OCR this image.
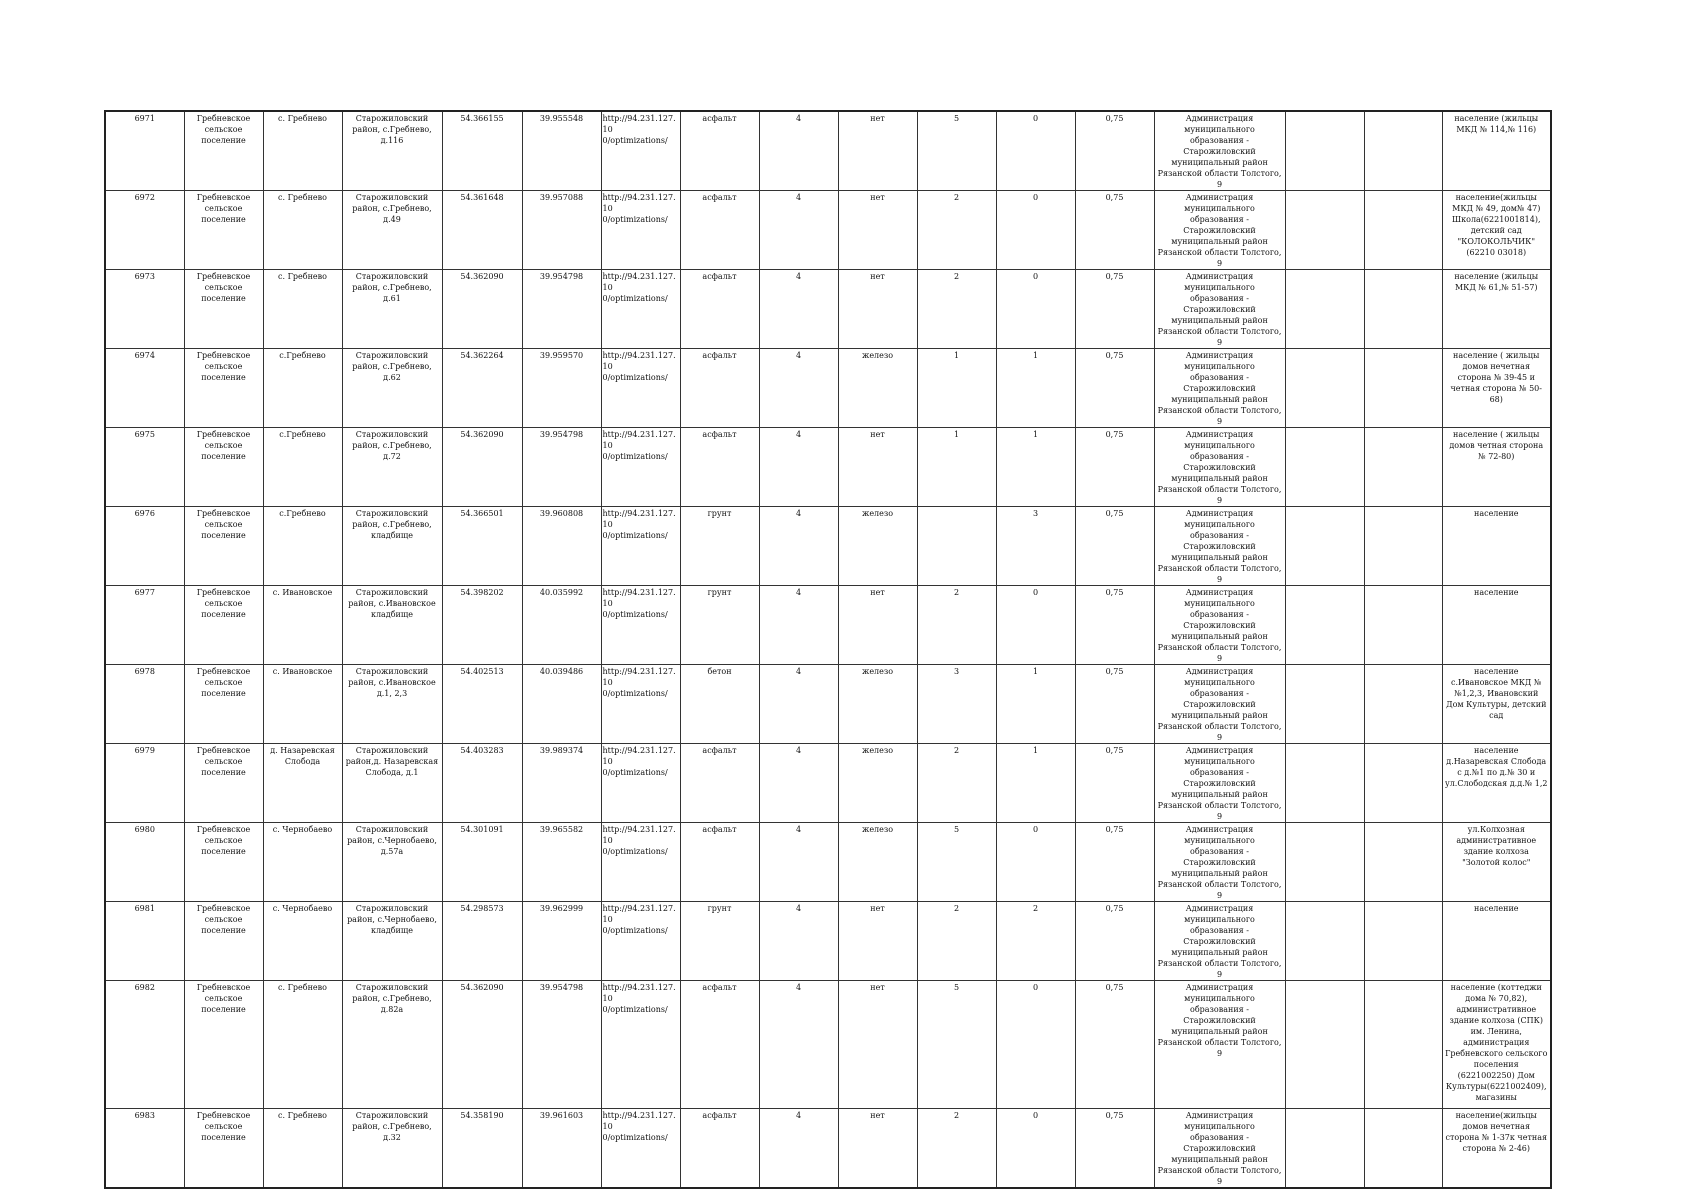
6971	Гребневское сельское поселение	с. Гребнево	Старожиловский район, с.Гребнево, д.116	54.366155	39.955548	http://94.231.127.10 0/optimizations/	асфальт	4	нет	5	0	0,75	Администрация муниципального образования - Старожиловский муниципальный район Рязанской области Толстого, 9			население (жильцы МКД № 114,№ 116)
6972	Гребневское сельское поселение	с. Гребнево	Старожиловский район, с.Гребнево, д.49	54.361648	39.957088	http://94.231.127.10 0/optimizations/	асфальт	4	нет	2	0	0,75	Администрация муниципального образования - Старожиловский муниципальный район Рязанской области Толстого, 9			население(жильцы МКД № 49, дом№ 47) Школа(6221001814), детский сад "КОЛОКОЛЬЧИК"(62210 03018)
6973	Гребневское сельское поселение	с. Гребнево	Старожиловский район, с.Гребнево, д.61	54.362090	39.954798	http://94.231.127.10 0/optimizations/	асфальт	4	нет	2	0	0,75	Администрация муниципального образования - Старожиловский муниципальный район Рязанской области Толстого, 9			население (жильцы МКД № 61,№ 51-57)
6974	Гребневское сельское поселение	с.Гребнево	Старожиловский район, с.Гребнево, д.62	54.362264	39.959570	http://94.231.127.10 0/optimizations/	асфальт	4	железо	1	1	0,75	Администрация муниципального образования - Старожиловский муниципальный район Рязанской области Толстого, 9			население ( жильцы домов нечетная сторона № 39-45 и четная сторона № 50-68)
6975	Гребневское сельское поселение	с.Гребнево	Старожиловский район, с.Гребнево, д.72	54.362090	39.954798	http://94.231.127.10 0/optimizations/	асфальт	4	нет	1	1	0,75	Администрация муниципального образования - Старожиловский муниципальный район Рязанской области Толстого, 9			население ( жильцы домов четная сторона № 72-80)
6976	Гребневское сельское поселение	с.Гребнево	Старожиловский район, с.Гребнево, кладбище	54.366501	39.960808	http://94.231.127.10 0/optimizations/	грунт	4	железо		3	0,75	Администрация муниципального образования - Старожиловский муниципальный район Рязанской области Толстого, 9			население
6977	Гребневское сельское поселение	с. Ивановское	Старожиловский район, с.Ивановское кладбище	54.398202	40.035992	http://94.231.127.10 0/optimizations/	грунт	4	нет	2	0	0,75	Администрация муниципального образования - Старожиловский муниципальный район Рязанской области Толстого, 9			население
6978	Гребневское сельское поселение	с. Ивановское	Старожиловский район, с.Ивановское д.1, 2,3	54.402513	40.039486	http://94.231.127.10 0/optimizations/	бетон	4	железо	3	1	0,75	Администрация муниципального образования - Старожиловский муниципальный район Рязанской области Толстого, 9			население с.Ивановское МКД №№1,2,3, Ивановский Дом Культуры, детский сад
6979	Гребневское сельское поселение	д. Назаревская Слобода	Старожиловский район,д. Назаревская Слобода, д.1	54.403283	39.989374	http://94.231.127.10 0/optimizations/	асфальт	4	железо	2	1	0,75	Администрация муниципального образования - Старожиловский муниципальный район Рязанской области Толстого, 9			население д.Назаревская Слобода с д.№1 по д.№ 30 и ул.Слободская д.д.№ 1,2
6980	Гребневское сельское поселение	с. Чернобаево	Старожиловский район, с.Чернобаево, д.57а	54.301091	39.965582	http://94.231.127.10 0/optimizations/	асфальт	4	железо	5	0	0,75	Администрация муниципального образования - Старожиловский муниципальный район Рязанской области Толстого, 9			ул.Колхозная административное здание колхоза "Золотой колос"
6981	Гребневское сельское поселение	с. Чернобаево	Старожиловский район, с.Чернобаево, кладбище	54.298573	39.962999	http://94.231.127.10 0/optimizations/	грунт	4	нет	2	2	0,75	Администрация муниципального образования - Старожиловский муниципальный район Рязанской области Толстого, 9			население
6982	Гребневское сельское поселение	с. Гребнево	Старожиловский район, с.Гребнево, д.82а	54.362090	39.954798	http://94.231.127.10 0/optimizations/	асфальт	4	нет	5	0	0,75	Администрация муниципального образования - Старожиловский муниципальный район Рязанской области Толстого, 9			население (коттеджи дома № 70,82), административное здание колхоза (СПК) им. Ленина, администрация Гребневского сельского поселения (6221002250) Дом Культуры(6221002409), магазины
6983	Гребневское сельское поселение	с. Гребнево	Старожиловский район, с.Гребнево, д.32	54.358190	39.961603	http://94.231.127.10 0/optimizations/	асфальт	4	нет	2	0	0,75	Администрация муниципального образования - Старожиловский муниципальный район Рязанской области Толстого, 9			население(жильцы домов нечетная сторона № 1-37к четная сторона № 2-46)
